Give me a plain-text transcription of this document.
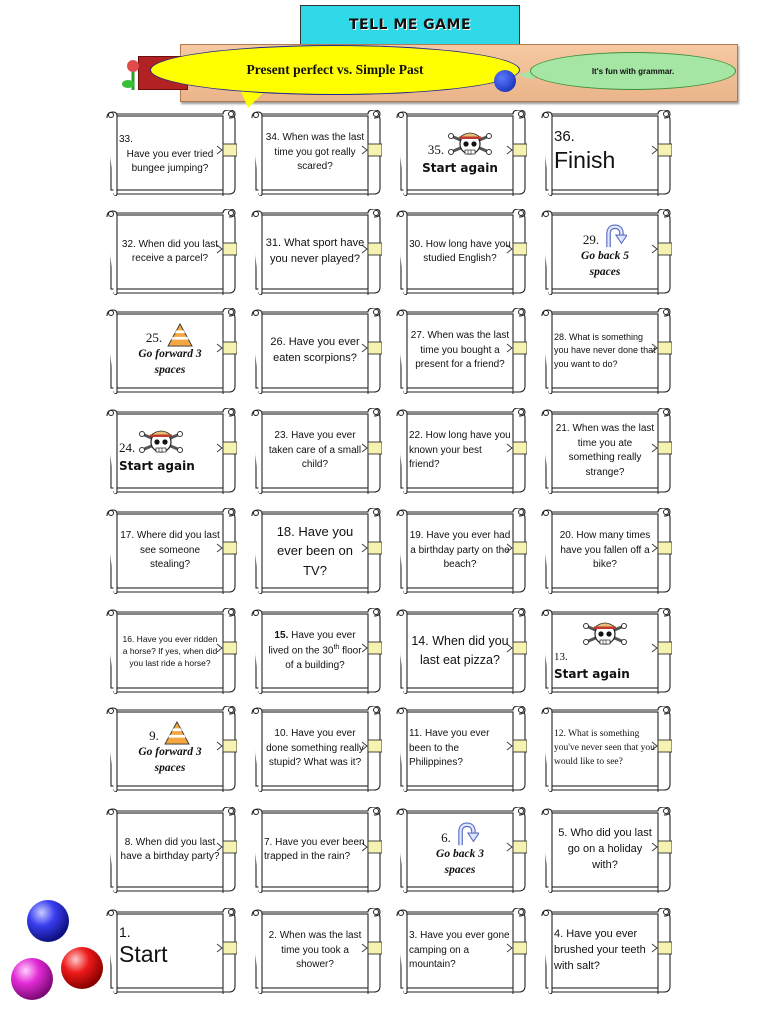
TELL ME GAME
Present perfect vs. Simple Past	It's fun with grammar.
33.
Have you ever tried bungee jumping?
34. When was the last time you got really scared?
35.
Start again
36.
Finish
32. When did you last receive a parcel?
31. What sport have you never played?
30. How long have you studied English?
29.
Go back 5 spaces
25.
Go forward 3 spaces
26. Have you ever eaten scorpions?
27. When was the last time you bought a present for a friend?
28. What is something you have never done that you want to do?
24.
Start again
23. Have you ever taken care of a small child?
22. How long have you known your best friend?
21. When was the last time you ate something really strange?
17. Where did you last see someone stealing?
18. Have you ever been on TV?
19. Have you ever had a birthday party on the beach?
20. How many times have you fallen off a bike?
16. Have you ever ridden a horse? If yes, when did you last ride a horse?
15. Have you ever lived on the 30th floor of a building?
14. When did you last eat pizza?	13.
Start again
9.
Go forward 3 spaces
10. Have you ever done something really stupid? What was it?
11. Have you ever been to the Philippines?
12. What is something you've never seen that you would like to see?
8. When did you last have a birthday party?
7. Have you ever been trapped in the rain?
6.
Go back 3 spaces
5. Who did you last go on a holiday with?
1.
Start
2. When was the last time you took a shower?
3. Have you ever gone camping on a mountain?
4. Have you ever brushed your teeth with salt?
